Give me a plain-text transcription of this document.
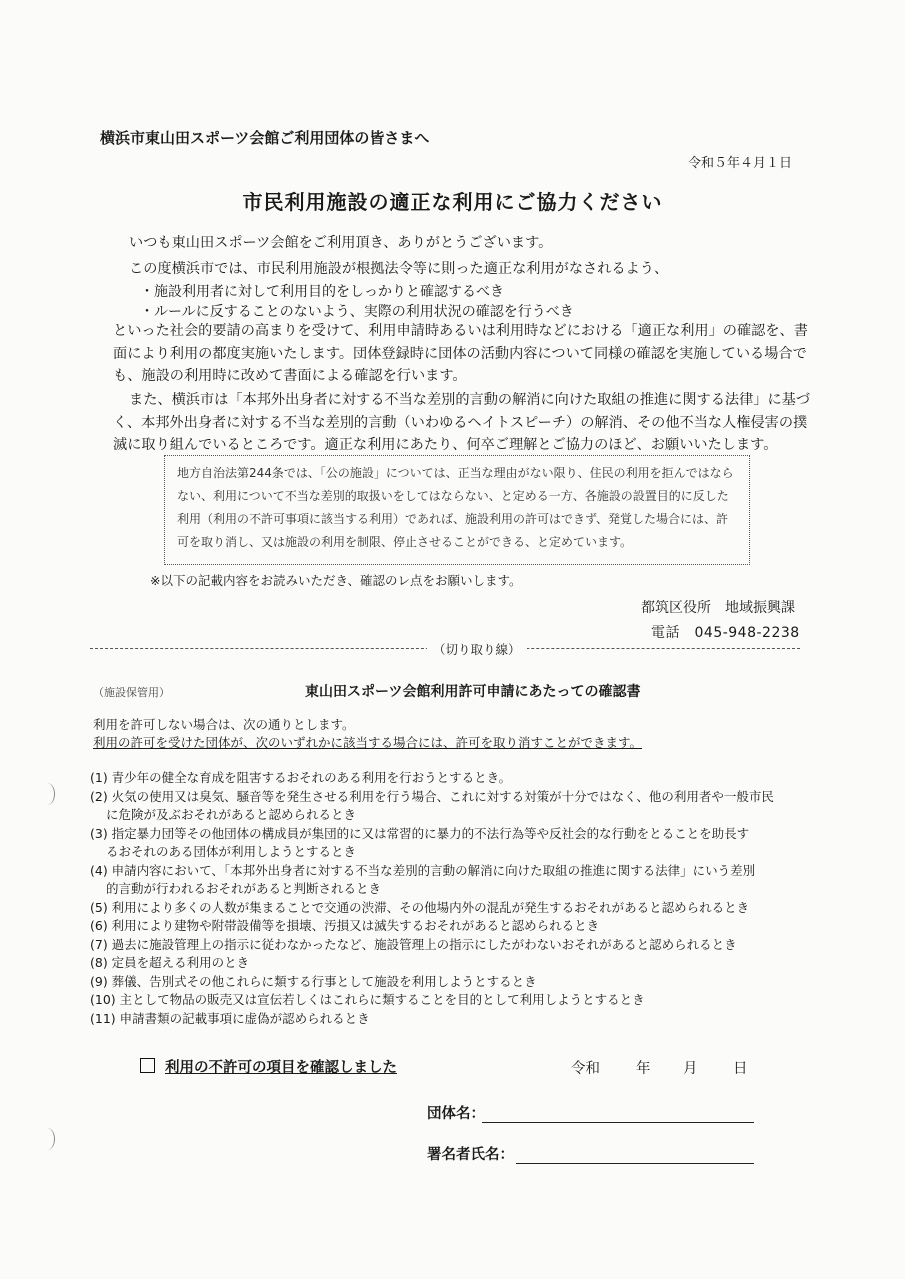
横浜市東山田スポーツ会館ご利用団体の皆さまへ
令和５年４月１日
市民利用施設の適正な利用にご協力ください
いつも東山田スポーツ会館をご利用頂き、ありがとうございます。
この度横浜市では、市民利用施設が根拠法令等に則った適正な利用がなされるよう、
・施設利用者に対して利用目的をしっかりと確認するべき
・ルールに反することのないよう、実際の利用状況の確認を行うべき
といった社会的要請の高まりを受けて、利用申請時あるいは利用時などにおける「適正な利用」の確認を、書面により利用の都度実施いたします。団体登録時に団体の活動内容について同様の確認を実施している場合でも、施設の利用時に改めて書面による確認を行います。
また、横浜市は「本邦外出身者に対する不当な差別的言動の解消に向けた取組の推進に関する法律」に基づく、本邦外出身者に対する不当な差別的言動（いわゆるヘイトスピーチ）の解消、その他不当な人権侵害の撲滅に取り組んでいるところです。適正な利用にあたり、何卒ご理解とご協力のほど、お願いいたします。
地方自治法第244条では、「公の施設」については、正当な理由がない限り、住民の利用を拒んではならない、利用について不当な差別的取扱いをしてはならない、と定める一方、各施設の設置目的に反した利用（利用の不許可事項に該当する利用）であれば、施設利用の許可はできず、発覚した場合には、許可を取り消し、又は施設の利用を制限、停止させることができる、と定めています。
※以下の記載内容をお読みいただき、確認のレ点をお願いします。
都筑区役所　地域振興課
電話　045-948-2238
（切り取り線）
（施設保管用）	東山田スポーツ会館利用許可申請にあたっての確認書
利用を許可しない場合は、次の通りとします。
利用の許可を受けた団体が、次のいずれかに該当する場合には、許可を取り消すことができます。
(1) 青少年の健全な育成を阻害するおそれのある利用を行おうとするとき。
(2) 火気の使用又は臭気、騒音等を発生させる利用を行う場合、これに対する対策が十分ではなく、他の利用者や一般市民
に危険が及ぶおそれがあると認められるとき
(3) 指定暴力団等その他団体の構成員が集団的に又は常習的に暴力的不法行為等や反社会的な行動をとることを助長す
るおそれのある団体が利用しようとするとき
(4) 申請内容において、「本邦外出身者に対する不当な差別的言動の解消に向けた取組の推進に関する法律」にいう差別
的言動が行われるおそれがあると判断されるとき
(5) 利用により多くの人数が集まることで交通の渋滞、その他場内外の混乱が発生するおそれがあると認められるとき
(6) 利用により建物や附帯設備等を損壊、汚損又は滅失するおそれがあると認められるとき
(7) 過去に施設管理上の指示に従わなかったなど、施設管理上の指示にしたがわないおそれがあると認められるとき
(8) 定員を超える利用のとき
(9) 葬儀、告別式その他これらに類する行事として施設を利用しようとするとき
(10) 主として物品の販売又は宣伝若しくはこれらに類することを目的として利用しようとするとき
(11) 申請書類の記載事項に虚偽が認められるとき
利用の不許可の項目を確認しました	令和 年 月 日
団体名：
署名者氏名：
